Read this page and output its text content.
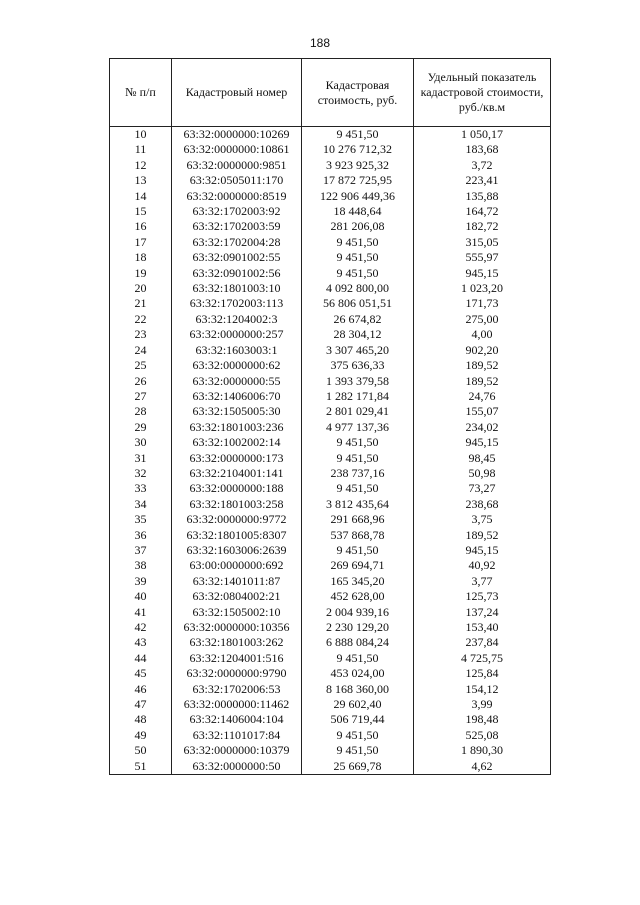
188
№ п/п	Кадастровый номер	Кадастровая стоимость, руб.	Удельный показатель кадастровой стоимости, руб./кв.м
10	63:32:0000000:10269	9 451,50	1 050,17
11	63:32:0000000:10861	10 276 712,32	183,68
12	63:32:0000000:9851	3 923 925,32	3,72
13	63:32:0505011:170	17 872 725,95	223,41
14	63:32:0000000:8519	122 906 449,36	135,88
15	63:32:1702003:92	18 448,64	164,72
16	63:32:1702003:59	281 206,08	182,72
17	63:32:1702004:28	9 451,50	315,05
18	63:32:0901002:55	9 451,50	555,97
19	63:32:0901002:56	9 451,50	945,15
20	63:32:1801003:10	4 092 800,00	1 023,20
21	63:32:1702003:113	56 806 051,51	171,73
22	63:32:1204002:3	26 674,82	275,00
23	63:32:0000000:257	28 304,12	4,00
24	63:32:1603003:1	3 307 465,20	902,20
25	63:32:0000000:62	375 636,33	189,52
26	63:32:0000000:55	1 393 379,58	189,52
27	63:32:1406006:70	1 282 171,84	24,76
28	63:32:1505005:30	2 801 029,41	155,07
29	63:32:1801003:236	4 977 137,36	234,02
30	63:32:1002002:14	9 451,50	945,15
31	63:32:0000000:173	9 451,50	98,45
32	63:32:2104001:141	238 737,16	50,98
33	63:32:0000000:188	9 451,50	73,27
34	63:32:1801003:258	3 812 435,64	238,68
35	63:32:0000000:9772	291 668,96	3,75
36	63:32:1801005:8307	537 868,78	189,52
37	63:32:1603006:2639	9 451,50	945,15
38	63:00:0000000:692	269 694,71	40,92
39	63:32:1401011:87	165 345,20	3,77
40	63:32:0804002:21	452 628,00	125,73
41	63:32:1505002:10	2 004 939,16	137,24
42	63:32:0000000:10356	2 230 129,20	153,40
43	63:32:1801003:262	6 888 084,24	237,84
44	63:32:1204001:516	9 451,50	4 725,75
45	63:32:0000000:9790	453 024,00	125,84
46	63:32:1702006:53	8 168 360,00	154,12
47	63:32:0000000:11462	29 602,40	3,99
48	63:32:1406004:104	506 719,44	198,48
49	63:32:1101017:84	9 451,50	525,08
50	63:32:0000000:10379	9 451,50	1 890,30
51	63:32:0000000:50	25 669,78	4,62
